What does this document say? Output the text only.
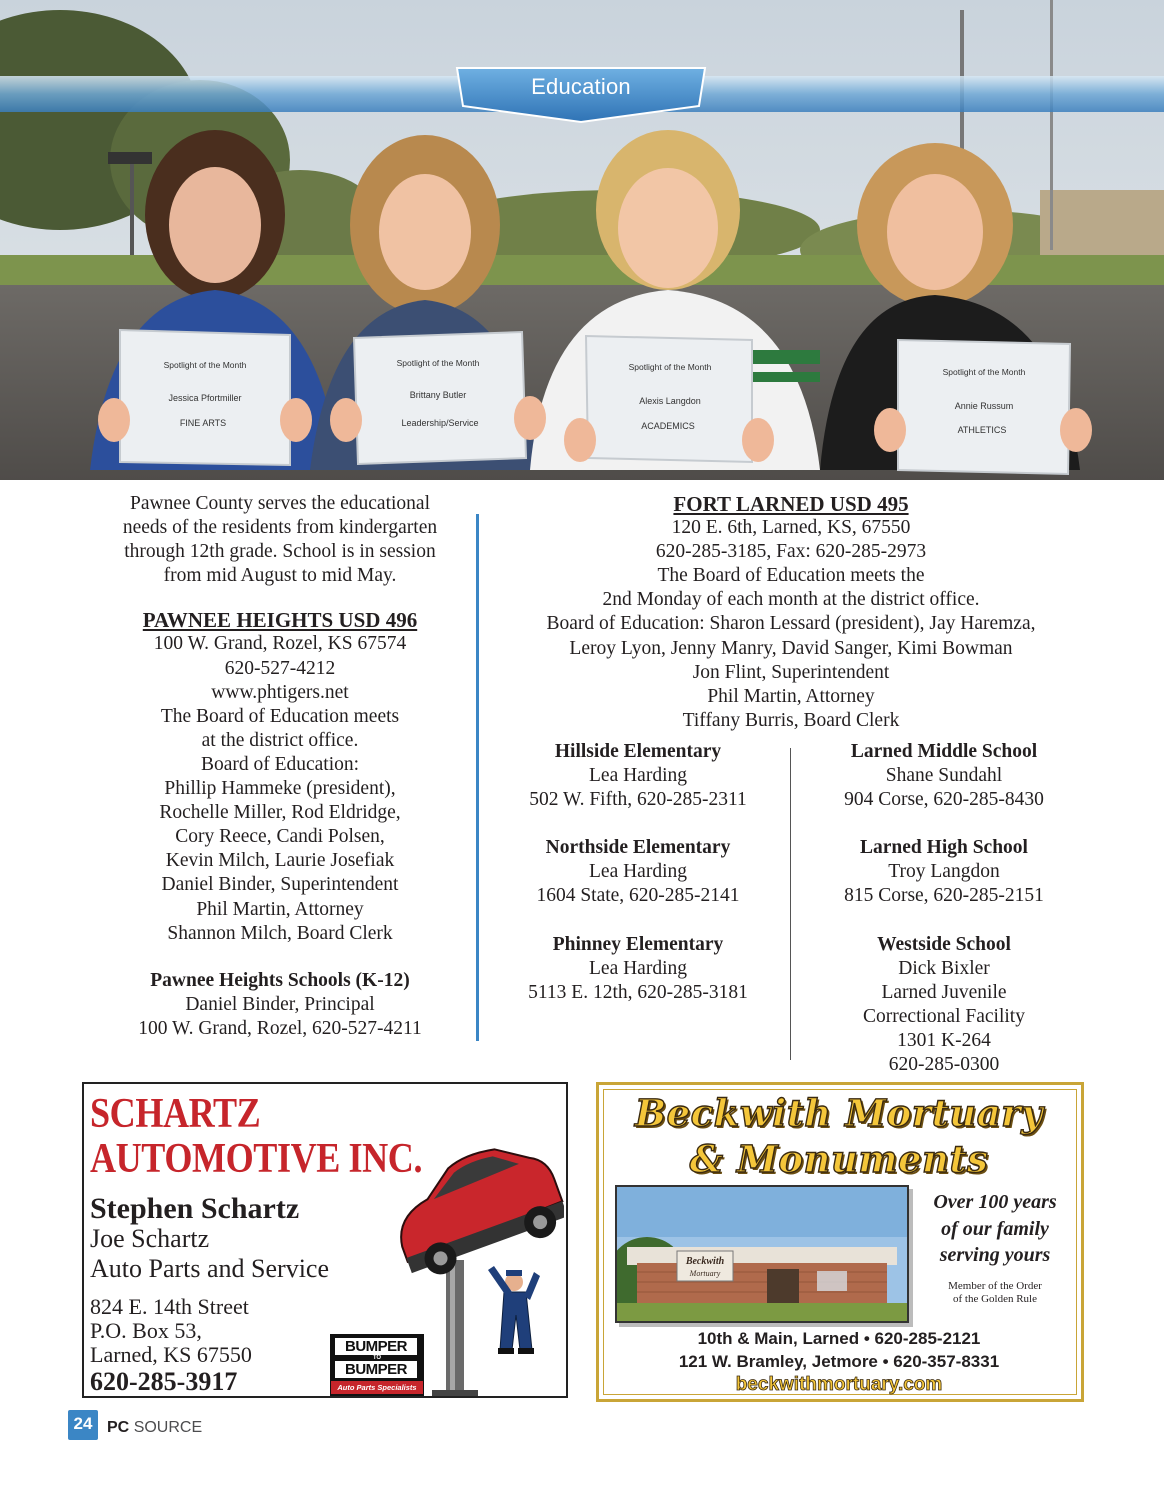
Spotlight of the Month
Jessica Pfortmiller
FINE ARTS
Spotlight of the Month
Brittany Butler
Leadership/Service
Spotlight of the Month
Alexis Langdon
ACADEMICS
Spotlight of the Month
Annie Russum
ATHLETICS
Education

Pawnee County serves the educational

needs of the residents from kindergarten

through 12th grade. School is in session

from mid August to mid May.

PAWNEE HEIGHTS USD 496

100 W. Grand, Rozel, KS 67574

620-527-4212

www.phtigers.net

The Board of Education meets

at the district office.

Board of Education:

Phillip Hammeke (president),

Rochelle Miller, Rod Eldridge,

Cory Reece, Candi Polsen,

Kevin Milch, Laurie Josefiak

Daniel Binder, Superintendent

Phil Martin, Attorney

Shannon Milch, Board Clerk

Pawnee Heights Schools (K-12)

Daniel Binder, Principal

100 W. Grand, Rozel, 620-527-4211

FORT LARNED USD 495

120 E. 6th, Larned, KS, 67550

620-285-3185, Fax: 620-285-2973

The Board of Education meets the

2nd Monday of each month at the district office.

Board of Education: Sharon Lessard (president), Jay Haremza,

Leroy Lyon, Jenny Manry, David Sanger, Kimi Bowman

Jon Flint, Superintendent

Phil Martin, Attorney

Tiffany Burris, Board Clerk

Hillside Elementary

Lea Harding

502 W. Fifth, 620-285-2311

Northside Elementary

Lea Harding

1604 State, 620-285-2141

Phinney Elementary

Lea Harding

5113 E. 12th, 620-285-3181

Larned Middle School

Shane Sundahl

904 Corse, 620-285-8430

Larned High School

Troy Langdon

815 Corse, 620-285-2151

Westside School

Dick Bixler

Larned Juvenile

Correctional Facility

1301 K-264

620-285-0300

SCHARTZ
AUTOMOTIVE INC.
Stephen Schartz
Joe Schartz
Auto Parts and Service
824 E. 14th Street
P.O. Box 53,
Larned, KS 67550
620-285-3917
BUMPER
TO
BUMPER
Auto Parts Specialists
Beckwith Mortuary
& Monuments
Beckwith
Mortuary
Over 100 years
of our family
serving yours
Member of the Order
of the Golden Rule
10th & Main, Larned • 620-285-2121
121 W. Bramley, Jetmore • 620-357-8331
beckwithmortuary.com
24 PC SOURCE
